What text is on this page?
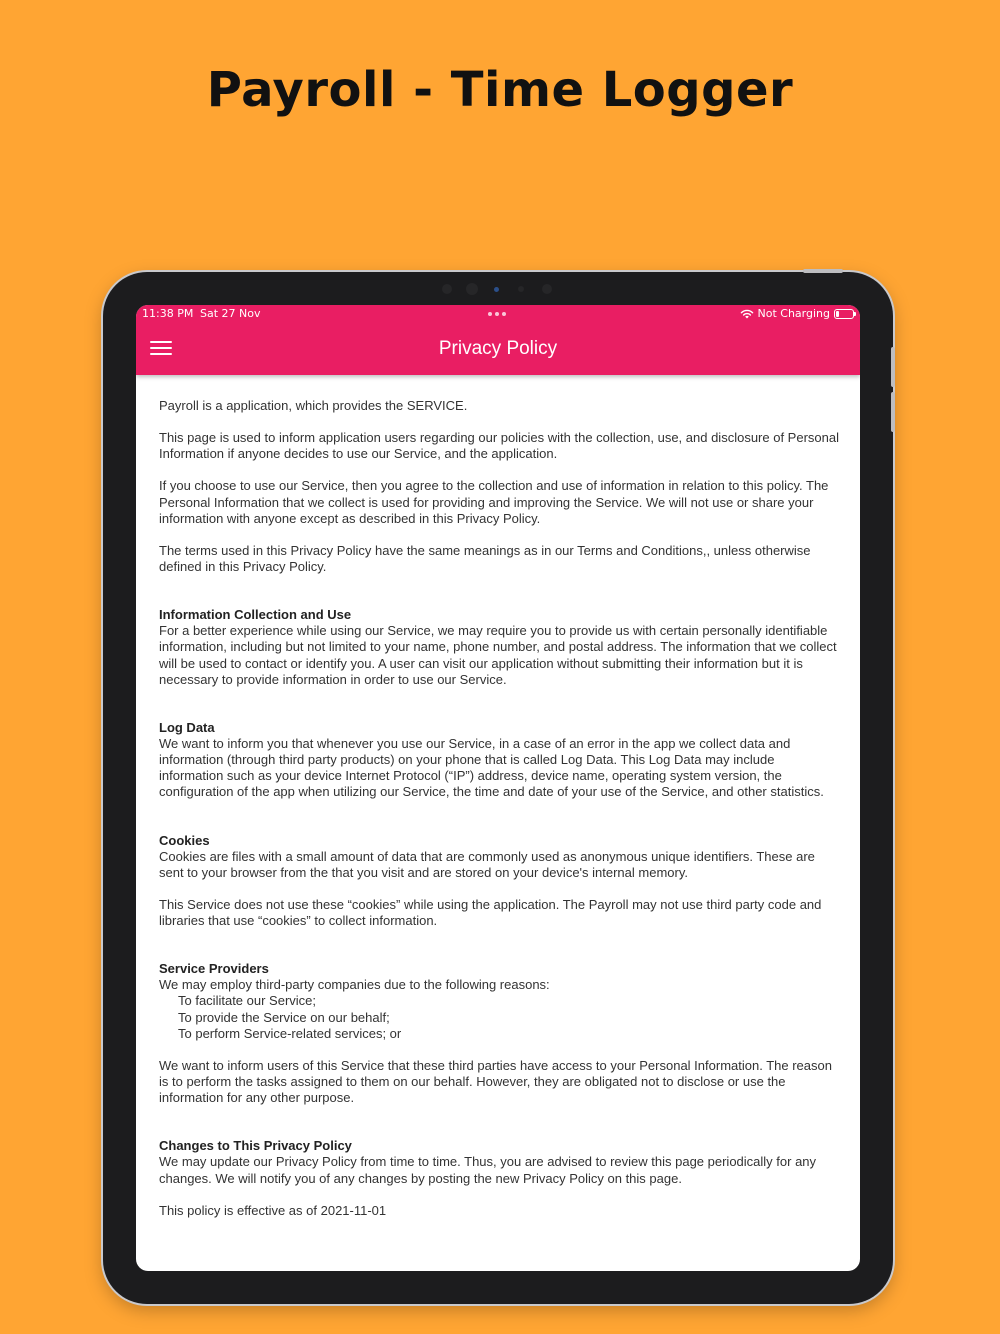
Payroll - Time Logger
11:38 PM Sat 27 Nov	Not Charging
Privacy Policy

Payroll is a application, which provides the SERVICE.

This page is used to inform application users regarding our policies with the collection, use, and disclosure of Personal Information if anyone decides to use our Service, and the application.

If you choose to use our Service, then you agree to the collection and use of information in relation to this policy. The Personal Information that we collect is used for providing and improving the Service. We will not use or share your information with anyone except as described in this Privacy Policy.

The terms used in this Privacy Policy have the same meanings as in our Terms and Conditions,, unless otherwise defined in this Privacy Policy.

Information Collection and Use

For a better experience while using our Service, we may require you to provide us with certain personally identifiable information, including but not limited to your name, phone number, and postal address. The information that we collect will be used to contact or identify you. A user can visit our application without submitting their information but it is necessary to provide information in order to use our Service.

Log Data

We want to inform you that whenever you use our Service, in a case of an error in the app we collect data and information (through third party products) on your phone that is called Log Data. This Log Data may include information such as your device Internet Protocol (“IP”) address, device name, operating system version, the configuration of the app when utilizing our Service, the time and date of your use of the Service, and other statistics.

Cookies

Cookies are files with a small amount of data that are commonly used as anonymous unique identifiers. These are sent to your browser from the that you visit and are stored on your device's internal memory.

This Service does not use these “cookies” while using the application. The Payroll may not use third party code and libraries that use “cookies” to collect information.

Service Providers

We may employ third-party companies due to the following reasons:

To facilitate our Service;
To provide the Service on our behalf;
To perform Service-related services; or

We want to inform users of this Service that these third parties have access to your Personal Information. The reason is to perform the tasks assigned to them on our behalf. However, they are obligated not to disclose or use the information for any other purpose.

Changes to This Privacy Policy

We may update our Privacy Policy from time to time. Thus, you are advised to review this page periodically for any changes. We will notify you of any changes by posting the new Privacy Policy on this page.

This policy is effective as of 2021-11-01
